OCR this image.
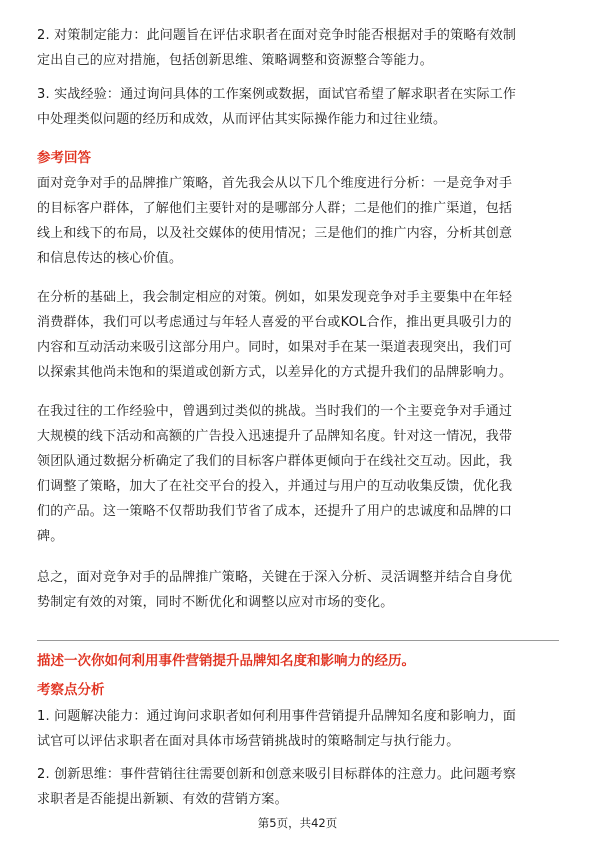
2. 对策制定能力：此问题旨在评估求职者在面对竞争时能否根据对手的策略有效制
定出自己的应对措施，包括创新思维、策略调整和资源整合等能力。
3. 实战经验：通过询问具体的工作案例或数据，面试官希望了解求职者在实际工作
中处理类似问题的经历和成效，从而评估其实际操作能力和过往业绩。
参考回答
面对竞争对手的品牌推广策略，首先我会从以下几个维度进行分析：一是竞争对手
的目标客户群体，了解他们主要针对的是哪部分人群；二是他们的推广渠道，包括
线上和线下的布局，以及社交媒体的使用情况；三是他们的推广内容，分析其创意
和信息传达的核心价值。
在分析的基础上，我会制定相应的对策。例如，如果发现竞争对手主要集中在年轻
消费群体，我们可以考虑通过与年轻人喜爱的平台或KOL合作，推出更具吸引力的
内容和互动活动来吸引这部分用户。同时，如果对手在某一渠道表现突出，我们可
以探索其他尚未饱和的渠道或创新方式，以差异化的方式提升我们的品牌影响力。
在我过往的工作经验中，曾遇到过类似的挑战。当时我们的一个主要竞争对手通过
大规模的线下活动和高额的广告投入迅速提升了品牌知名度。针对这一情况，我带
领团队通过数据分析确定了我们的目标客户群体更倾向于在线社交互动。因此，我
们调整了策略，加大了在社交平台的投入，并通过与用户的互动收集反馈，优化我
们的产品。这一策略不仅帮助我们节省了成本，还提升了用户的忠诚度和品牌的口
碑。
总之，面对竞争对手的品牌推广策略，关键在于深入分析、灵活调整并结合自身优
势制定有效的对策，同时不断优化和调整以应对市场的变化。
描述一次你如何利用事件营销提升品牌知名度和影响力的经历。
考察点分析
1. 问题解决能力：通过询问求职者如何利用事件营销提升品牌知名度和影响力，面
试官可以评估求职者在面对具体市场营销挑战时的策略制定与执行能力。
2. 创新思维：事件营销往往需要创新和创意来吸引目标群体的注意力。此问题考察
求职者是否能提出新颖、有效的营销方案。
第5页，共42页
